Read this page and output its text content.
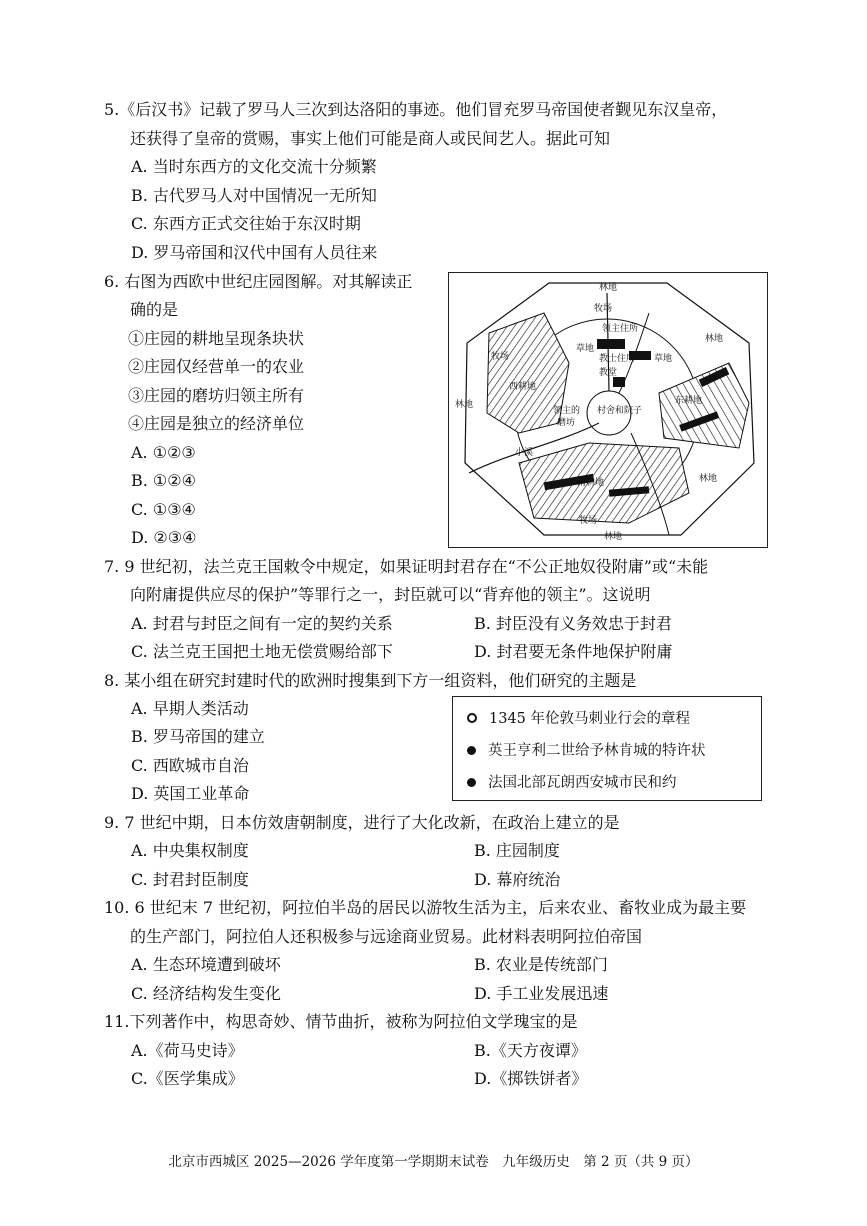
5.《后汉书》记载了罗马人三次到达洛阳的事迹。他们冒充罗马帝国使者觐见东汉皇帝，
还获得了皇帝的赏赐，事实上他们可能是商人或民间艺人。据此可知
A. 当时东西方的文化交流十分频繁
B. 古代罗马人对中国情况一无所知
C. 东西方正式交往始于东汉时期
D. 罗马帝国和汉代中国有人员往来
6. 右图为西欧中世纪庄园图解。对其解读正
确的是
①庄园的耕地呈现条块状
②庄园仅经营单一的农业
③庄园的磨坊归领主所有
④庄园是独立的经济单位
A. ①②③
B. ①②④
C. ①③④
D. ②③④
林地
牧场
林地
领主住所
教士住所
教堂
牧场
草地
草地
西耕地
东耕地
林地
领主的
磨坊
村舍和院子
小溪
林地
南耕地
牧场
林地
7. 9 世纪初，法兰克王国敕令中规定，如果证明封君存在“不公正地奴役附庸”或“未能
向附庸提供应尽的保护”等罪行之一，封臣就可以“背弃他的领主”。这说明
A. 封君与封臣之间有一定的契约关系	B. 封臣没有义务效忠于封君
C. 法兰克王国把土地无偿赏赐给部下	D. 封君要无条件地保护附庸
8. 某小组在研究封建时代的欧洲时搜集到下方一组资料，他们研究的主题是
A. 早期人类活动
B. 罗马帝国的建立
C. 西欧城市自治
D. 英国工业革命
1345 年伦敦马刺业行会的章程
英王亨利二世给予林肯城的特许状
法国北部瓦朗西安城市民和约
9. 7 世纪中期，日本仿效唐朝制度，进行了大化改新，在政治上建立的是
A. 中央集权制度	B. 庄园制度
C. 封君封臣制度	D. 幕府统治
10. 6 世纪末 7 世纪初，阿拉伯半岛的居民以游牧生活为主，后来农业、畜牧业成为最主要
的生产部门，阿拉伯人还积极参与远途商业贸易。此材料表明阿拉伯帝国
A. 生态环境遭到破坏	B. 农业是传统部门
C. 经济结构发生变化	D. 手工业发展迅速
11.下列著作中，构思奇妙、情节曲折，被称为阿拉伯文学瑰宝的是
A.《荷马史诗》	B.《天方夜谭》
C.《医学集成》	D.《掷铁饼者》
北京市西城区 2025—2026 学年度第一学期期末试卷　九年级历史　第 2 页（共 9 页）
